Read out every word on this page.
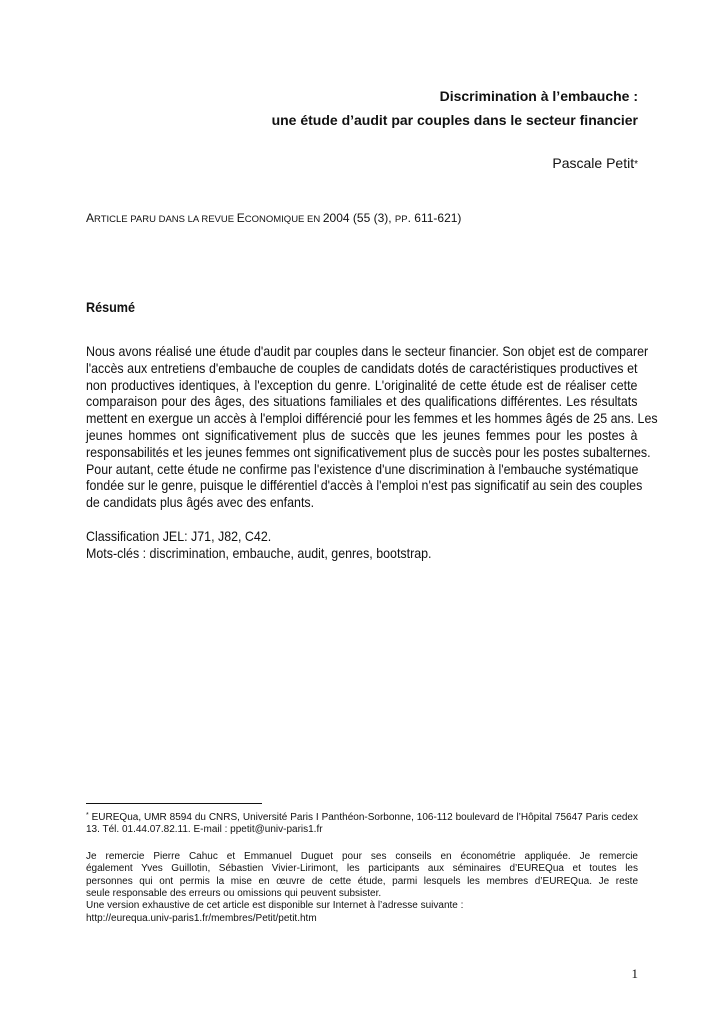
Discrimination à l’embauche :
une étude d’audit par couples dans le secteur financier
Pascale Petit*
ARTICLE PARU DANS LA REVUE ECONOMIQUE EN 2004 (55 (3), PP. 611-621)
Résumé
Nous avons réalisé une étude d'audit par couples dans le secteur financier. Son objet est de comparer
l'accès aux entretiens d'embauche de couples de candidats dotés de caractéristiques productives et
non productives identiques, à l'exception du genre. L'originalité de cette étude est de réaliser cette
comparaison pour des âges, des situations familiales et des qualifications différentes. Les résultats
mettent en exergue un accès à l'emploi différencié pour les femmes et les hommes âgés de 25 ans. Les
jeunes hommes ont significativement plus de succès que les jeunes femmes pour les postes à
responsabilités et les jeunes femmes ont significativement plus de succès pour les postes subalternes.
Pour autant, cette étude ne confirme pas l'existence d'une discrimination à l'embauche systématique
fondée sur le genre, puisque le différentiel d'accès à l'emploi n'est pas significatif au sein des couples
de candidats plus âgés avec des enfants.
Classification JEL: J71, J82, C42.
Mots-clés : discrimination, embauche, audit, genres, bootstrap.
* EUREQua, UMR 8594 du CNRS, Université Paris I Panthéon-Sorbonne, 106-112 boulevard de l’Hôpital 75647 Paris cedex 13. Tél. 01.44.07.82.11. E-mail : ppetit@univ-paris1.fr
Je remercie Pierre Cahuc et Emmanuel Duguet pour ses conseils en économétrie appliquée. Je remercie
également Yves Guillotin, Sébastien Vivier-Lirimont, les participants aux séminaires d’EUREQua et toutes les
personnes qui ont permis la mise en œuvre de cette étude, parmi lesquels les membres d’EUREQua. Je reste
seule responsable des erreurs ou omissions qui peuvent subsister.
Une version exhaustive de cet article est disponible sur Internet à l’adresse suivante :
http://eurequa.univ-paris1.fr/membres/Petit/petit.htm
1
